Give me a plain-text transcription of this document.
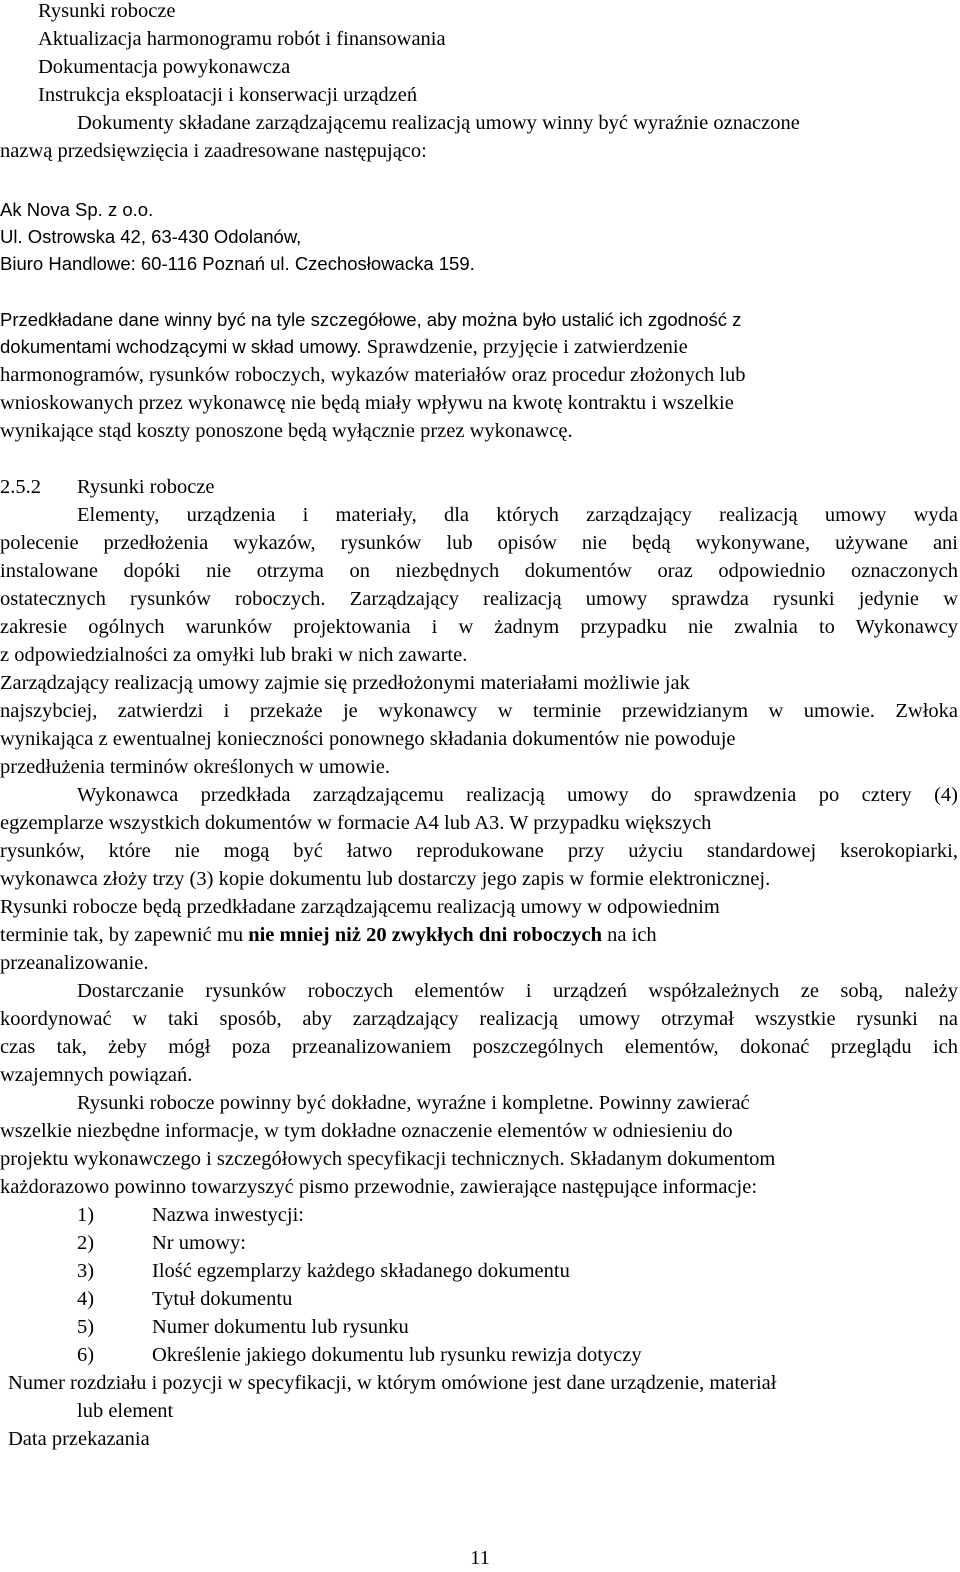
Rysunki robocze
Aktualizacja harmonogramu robót i finansowania
Dokumentacja powykonawcza
Instrukcja eksploatacji i konserwacji urządzeń
Dokumenty składane zarządzającemu realizacją umowy winny być wyraźnie oznaczone
nazwą przedsięwzięcia i zaadresowane następująco:
Ak Nova Sp. z o.o.
Ul. Ostrowska 42, 63-430 Odolanów,
Biuro Handlowe: 60-116 Poznań ul. Czechosłowacka 159.
Przedkładane dane winny być na tyle szczegółowe, aby można było ustalić ich zgodność z
dokumentami wchodzącymi w skład umowy. Sprawdzenie, przyjęcie i zatwierdzenie
harmonogramów, rysunków roboczych, wykazów materiałów oraz procedur złożonych lub
wnioskowanych przez wykonawcę nie będą miały wpływu na kwotę kontraktu i wszelkie
wynikające stąd koszty ponoszone będą wyłącznie przez wykonawcę.
2.5.2 Rysunki robocze
Elementy, urządzenia i materiały, dla których zarządzający realizacją umowy wyda
polecenie przedłożenia wykazów, rysunków lub opisów nie będą wykonywane, używane ani
instalowane dopóki nie otrzyma on niezbędnych dokumentów oraz odpowiednio oznaczonych
ostatecznych rysunków roboczych. Zarządzający realizacją umowy sprawdza rysunki jedynie w
zakresie ogólnych warunków projektowania i w żadnym przypadku nie zwalnia to Wykonawcy
z odpowiedzialności za omyłki lub braki w nich zawarte.
Zarządzający realizacją umowy zajmie się przedłożonymi materiałami możliwie jak
najszybciej, zatwierdzi i przekaże je wykonawcy w terminie przewidzianym w umowie. Zwłoka
wynikająca z ewentualnej konieczności ponownego składania dokumentów nie powoduje
przedłużenia terminów określonych w umowie.
Wykonawca przedkłada zarządzającemu realizacją umowy do sprawdzenia po cztery (4)
egzemplarze wszystkich dokumentów w formacie A4 lub A3. W przypadku większych
rysunków, które nie mogą być łatwo reprodukowane przy użyciu standardowej kserokopiarki,
wykonawca złoży trzy (3) kopie dokumentu lub dostarczy jego zapis w formie elektronicznej.
Rysunki robocze będą przedkładane zarządzającemu realizacją umowy w odpowiednim
terminie tak, by zapewnić mu nie mniej niż 20 zwykłych dni roboczych na ich
przeanalizowanie.
Dostarczanie rysunków roboczych elementów i urządzeń współzależnych ze sobą, należy
koordynować w taki sposób, aby zarządzający realizacją umowy otrzymał wszystkie rysunki na
czas tak, żeby mógł poza przeanalizowaniem poszczególnych elementów, dokonać przeglądu ich
wzajemnych powiązań.
Rysunki robocze powinny być dokładne, wyraźne i kompletne. Powinny zawierać
wszelkie niezbędne informacje, w tym dokładne oznaczenie elementów w odniesieniu do
projektu wykonawczego i szczegółowych specyfikacji technicznych. Składanym dokumentom
każdorazowo powinno towarzyszyć pismo przewodnie, zawierające następujące informacje:
1)	Nazwa inwestycji:
2)	Nr umowy:
3)	Ilość egzemplarzy każdego składanego dokumentu
4)	Tytuł dokumentu
5)	Numer dokumentu lub rysunku
6)	Określenie jakiego dokumentu lub rysunku rewizja dotyczy
Numer rozdziału i pozycji w specyfikacji, w którym omówione jest dane urządzenie, materiał
lub element
Data przekazania
11
